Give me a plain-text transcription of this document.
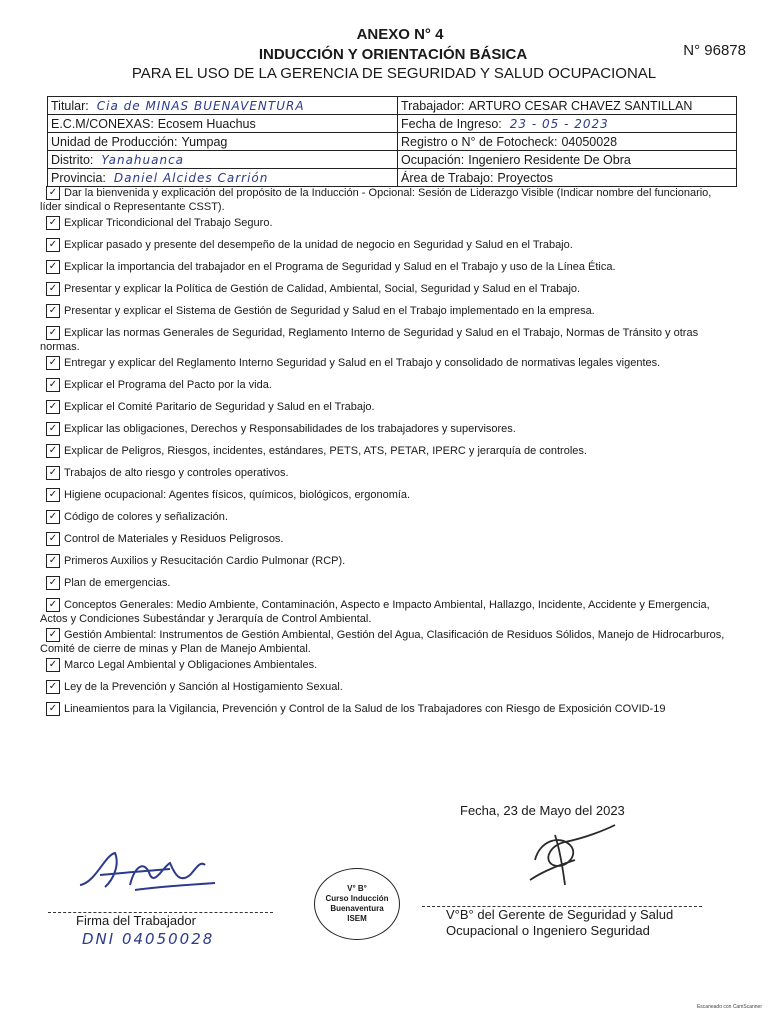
ANEXO N° 4
INDUCCIÓN Y ORIENTACIÓN BÁSICA
PARA EL USO DE LA GERENCIA DE SEGURIDAD Y SALUD OCUPACIONAL
N° 96878
Titular: Cia de MINAS BUENAVENTURA	Trabajador: ARTURO CESAR CHAVEZ SANTILLAN
E.C.M/CONEXAS: Ecosem Huachus	Fecha de Ingreso: 23 - 05 - 2023
Unidad de Producción: Yumpag	Registro o N° de Fotocheck: 04050028
Distrito: Yanahuanca	Ocupación: Ingeniero Residente De Obra
Provincia: Daniel Alcides Carrión	Área de Trabajo: Proyectos
✓ Dar la bienvenida y explicación del propósito de la Inducción - Opcional: Sesión de Liderazgo Visible (Indicar nombre del funcionario,
líder sindical o Representante CSST).
✓ Explicar Tricondicional del Trabajo Seguro.
✓ Explicar pasado y presente del desempeño de la unidad de negocio en Seguridad y Salud en el Trabajo.
✓ Explicar la importancia del trabajador en el Programa de Seguridad y Salud en el Trabajo y uso de la Línea Ética.
✓ Presentar y explicar la Política de Gestión de Calidad, Ambiental, Social, Seguridad y Salud en el Trabajo.
✓ Presentar y explicar el Sistema de Gestión de Seguridad y Salud en el Trabajo implementado en la empresa.
✓ Explicar las normas Generales de Seguridad, Reglamento Interno de Seguridad y Salud en el Trabajo, Normas de Tránsito y otras
normas.
✓ Entregar y explicar del Reglamento Interno Seguridad y Salud en el Trabajo y consolidado de normativas legales vigentes.
✓ Explicar el Programa del Pacto por la vida.
✓ Explicar el Comité Paritario de Seguridad y Salud en el Trabajo.
✓ Explicar las obligaciones, Derechos y Responsabilidades de los trabajadores y supervisores.
✓ Explicar de Peligros, Riesgos, incidentes, estándares, PETS, ATS, PETAR, IPERC y jerarquía de controles.
✓ Trabajos de alto riesgo y controles operativos.
✓ Higiene ocupacional: Agentes físicos, químicos, biológicos, ergonomía.
✓ Código de colores y señalización.
✓ Control de Materiales y Residuos Peligrosos.
✓ Primeros Auxilios y Resucitación Cardio Pulmonar (RCP).
✓ Plan de emergencias.
✓ Conceptos Generales: Medio Ambiente, Contaminación, Aspecto e Impacto Ambiental, Hallazgo, Incidente, Accidente y Emergencia,
Actos y Condiciones Subestándar y Jerarquía de Control Ambiental.
✓ Gestión Ambiental: Instrumentos de Gestión Ambiental, Gestión del Agua, Clasificación de Residuos Sólidos, Manejo de Hidrocarburos,
Comité de cierre de minas y Plan de Manejo Ambiental.
✓ Marco Legal Ambiental y Obligaciones Ambientales.
✓ Ley de la Prevención y Sanción al Hostigamiento Sexual.
✓ Lineamientos para la Vigilancia, Prevención y Control de la Salud de los Trabajadores con Riesgo de Exposición COVID-19
Fecha, 23 de Mayo del 2023
Firma del Trabajador
DNI 04050028
V°B° del Gerente de Seguridad y Salud
Ocupacional o Ingeniero Seguridad
V° B°
Curso Inducción
Buenaventura
ISEM
Escaneado con CamScanner
